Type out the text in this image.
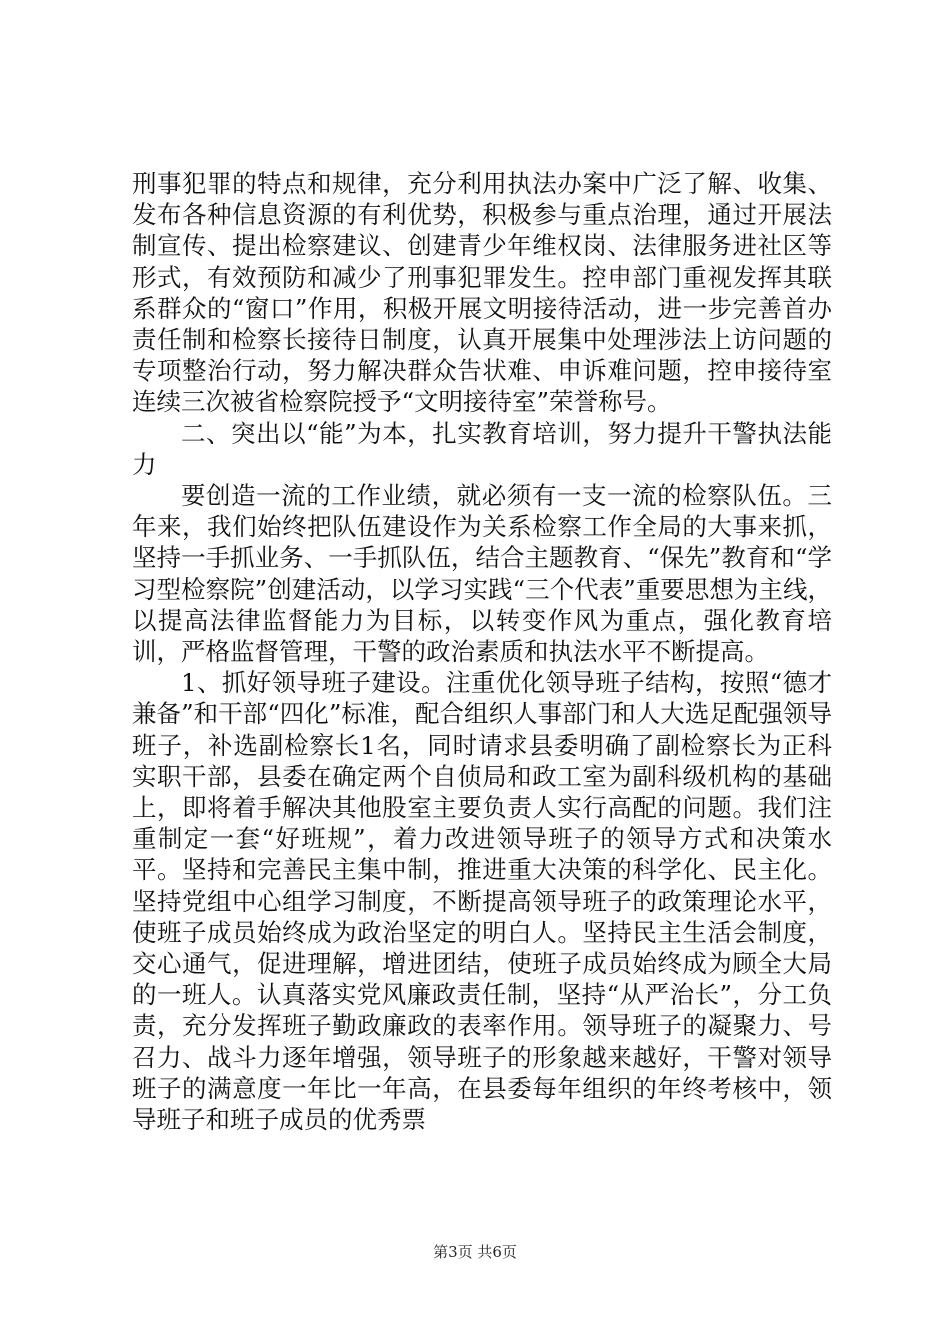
刑事犯罪的特点和规律，充分利用执法办案中广泛了解、收集、发布各种信息资源的有利优势，积极参与重点治理，通过开展法制宣传、提出检察建议、创建青少年维权岗、法律服务进社区等形式，有效预防和减少了刑事犯罪发生。控申部门重视发挥其联系群众的“窗口”作用，积极开展文明接待活动，进一步完善首办责任制和检察长接待日制度，认真开展集中处理涉法上访问题的专项整治行动，努力解决群众告状难、申诉难问题，控申接待室连续三次被省检察院授予“文明接待室”荣誉称号。

二、突出以“能”为本，扎实教育培训，努力提升干警执法能力

要创造一流的工作业绩，就必须有一支一流的检察队伍。三年来，我们始终把队伍建设作为关系检察工作全局的大事来抓，坚持一手抓业务、一手抓队伍，结合主题教育、“保先”教育和“学习型检察院”创建活动，以学习实践“三个代表”重要思想为主线，以提高法律监督能力为目标，以转变作风为重点，强化教育培训，严格监督管理，干警的政治素质和执法水平不断提高。

1、抓好领导班子建设。注重优化领导班子结构，按照“德才兼备”和干部“四化”标准，配合组织人事部门和人大选足配强领导班子，补选副检察长1名，同时请求县委明确了副检察长为正科实职干部，县委在确定两个自侦局和政工室为副科级机构的基础上，即将着手解决其他股室主要负责人实行高配的问题。我们注重制定一套“好班规”，着力改进领导班子的领导方式和决策水平。坚持和完善民主集中制，推进重大决策的科学化、民主化。坚持党组中心组学习制度，不断提高领导班子的政策理论水平，使班子成员始终成为政治坚定的明白人。坚持民主生活会制度，交心通气，促进理解，增进团结，使班子成员始终成为顾全大局的一班人。认真落实党风廉政责任制，坚持“从严治长”，分工负责，充分发挥班子勤政廉政的表率作用。领导班子的凝聚力、号召力、战斗力逐年增强，领导班子的形象越来越好，干警对领导班子的满意度一年比一年高，在县委每年组织的年终考核中，领导班子和班子成员的优秀票

第3页 共6页
